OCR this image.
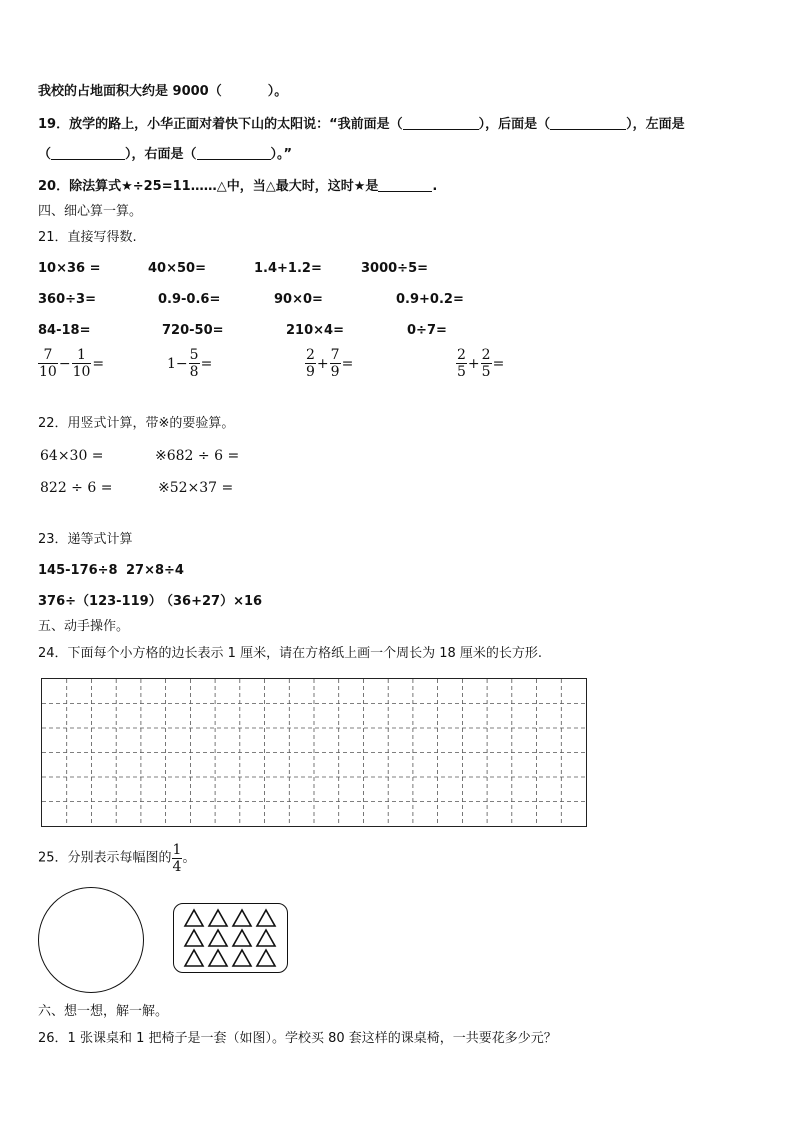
我校的占地面积大约是 9000（	）。
19．放学的路上，小华正面对着快下山的太阳说：“我前面是（	），后面是（	），左面是
（	），右面是（	）。”
20．除法算式★÷25=11……△中，当△最大时，这时★是	.
四、细心算一算。
21．直接写得数.
10×36 =	40×50=	1.4+1.2=	3000÷5=
360÷3=	0.9-0.6=	90×0=	0.9+0.2=
84-18=	720-50=	210×4=	0÷7=
$\frac{7}{10} - \frac{1}{10}$ =	$1- \frac{5}{8}$ =	$\frac{2}{9} + \frac{7}{9}$ =	$\frac{2}{5} + \frac{2}{5}$ =
22．用竖式计算，带※的要验算。
64×30 =	※682 ÷ 6 =
822 ÷ 6 =	※52×37 =
23．递等式计算
145-176÷8 27×8÷4
376÷（123-119）
（36+27）×16
五、动手操作。
24．下面每个小方格的边长表示 1 厘米，请在方格纸上画一个周长为 18 厘米的长方形.
25．分别表示每幅图的 $\frac{1}{4}$ 。
六、想一想，解一解。
26．1 张课桌和 1 把椅子是一套（如图）。学校买 80 套这样的课桌椅，一共要花多少元？
